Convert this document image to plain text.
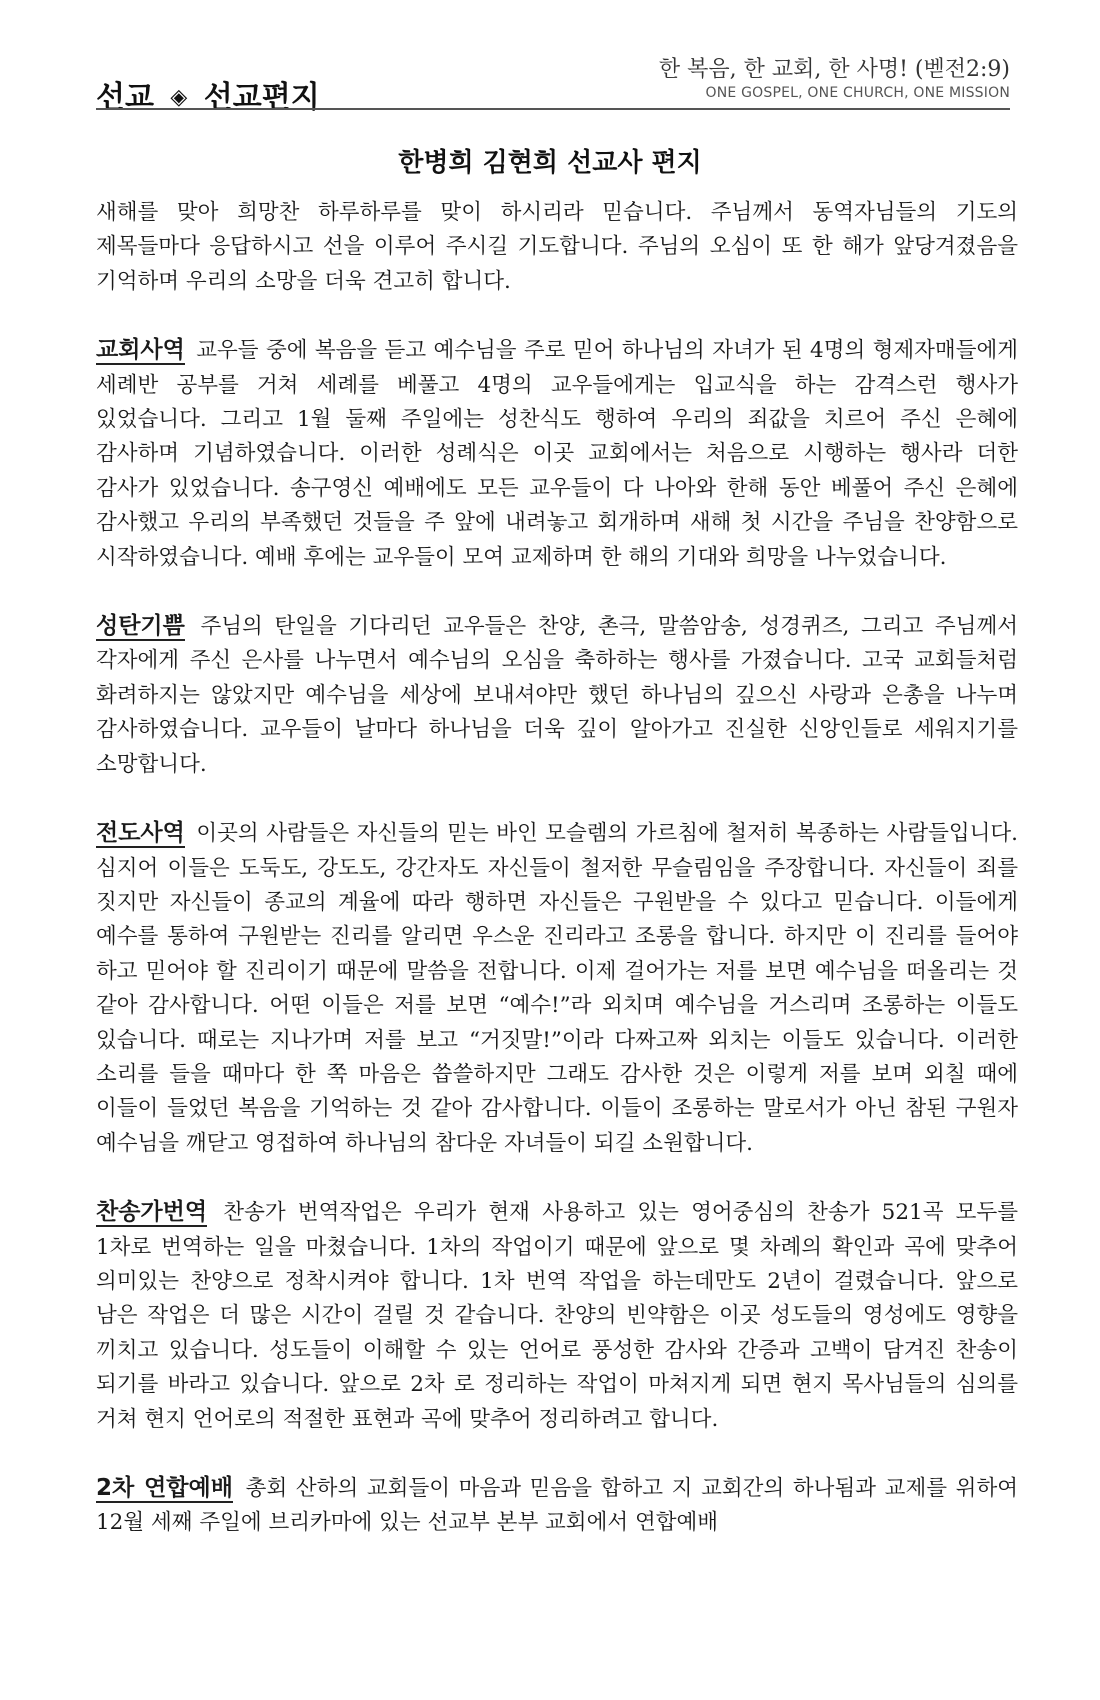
선교 ◈ 선교편지
한 복음, 한 교회, 한 사명! (벧전2:9)
ONE GOSPEL, ONE CHURCH, ONE MISSION
한병희 김현희 선교사 편지

새해를 맞아 희망찬 하루하루를 맞이 하시리라 믿습니다. 주님께서 동역자님들의 기도의 제목들마다 응답하시고 선을 이루어 주시길 기도합니다. 주님의 오심이 또 한 해가 앞당겨졌음을 기억하며 우리의 소망을 더욱 견고히 합니다.

교회사역 교우들 중에 복음을 듣고 예수님을 주로 믿어 하나님의 자녀가 된 4명의 형제자매들에게 세례반 공부를 거쳐 세례를 베풀고 4명의 교우들에게는 입교식을 하는 감격스런 행사가 있었습니다. 그리고 1월 둘째 주일에는 성찬식도 행하여 우리의 죄값을 치르어 주신 은혜에 감사하며 기념하였습니다. 이러한 성례식은 이곳 교회에서는 처음으로 시행하는 행사라 더한 감사가 있었습니다. 송구영신 예배에도 모든 교우들이 다 나아와 한해 동안 베풀어 주신 은혜에 감사했고 우리의 부족했던 것들을 주 앞에 내려놓고 회개하며 새해 첫 시간을 주님을 찬양함으로 시작하였습니다. 예배 후에는 교우들이 모여 교제하며 한 해의 기대와 희망을 나누었습니다.

성탄기쁨 주님의 탄일을 기다리던 교우들은 찬양, 촌극, 말씀암송, 성경퀴즈, 그리고 주님께서 각자에게 주신 은사를 나누면서 예수님의 오심을 축하하는 행사를 가졌습니다. 고국 교회들처럼 화려하지는 않았지만 예수님을 세상에 보내셔야만 했던 하나님의 깊으신 사랑과 은총을 나누며 감사하였습니다. 교우들이 날마다 하나님을 더욱 깊이 알아가고 진실한 신앙인들로 세워지기를 소망합니다.

전도사역 이곳의 사람들은 자신들의 믿는 바인 모슬렘의 가르침에 철저히 복종하는 사람들입니다. 심지어 이들은 도둑도, 강도도, 강간자도 자신들이 철저한 무슬림임을 주장합니다. 자신들이 죄를 짓지만 자신들이 종교의 계율에 따라 행하면 자신들은 구원받을 수 있다고 믿습니다. 이들에게 예수를 통하여 구원받는 진리를 알리면 우스운 진리라고 조롱을 합니다. 하지만 이 진리를 들어야 하고 믿어야 할 진리이기 때문에 말씀을 전합니다. 이제 걸어가는 저를 보면 예수님을 떠올리는 것 같아 감사합니다. 어떤 이들은 저를 보면 “예수!”라 외치며 예수님을 거스리며 조롱하는 이들도 있습니다. 때로는 지나가며 저를 보고 “거짓말!”이라 다짜고짜 외치는 이들도 있습니다. 이러한 소리를 들을 때마다 한 쪽 마음은 씁쓸하지만 그래도 감사한 것은 이렇게 저를 보며 외칠 때에 이들이 들었던 복음을 기억하는 것 같아 감사합니다. 이들이 조롱하는 말로서가 아닌 참된 구원자 예수님을 깨닫고 영접하여 하나님의 참다운 자녀들이 되길 소원합니다.

찬송가번역 찬송가 번역작업은 우리가 현재 사용하고 있는 영어중심의 찬송가 521곡 모두를 1차로 번역하는 일을 마쳤습니다. 1차의 작업이기 때문에 앞으로 몇 차례의 확인과 곡에 맞추어 의미있는 찬양으로 정착시켜야 합니다. 1차 번역 작업을 하는데만도 2년이 걸렸습니다. 앞으로 남은 작업은 더 많은 시간이 걸릴 것 같습니다. 찬양의 빈약함은 이곳 성도들의 영성에도 영향을 끼치고 있습니다. 성도들이 이해할 수 있는 언어로 풍성한 감사와 간증과 고백이 담겨진 찬송이 되기를 바라고 있습니다. 앞으로 2차 로 정리하는 작업이 마쳐지게 되면 현지 목사님들의 심의를 거쳐 현지 언어로의 적절한 표현과 곡에 맞추어 정리하려고 합니다.

2차 연합예배 총회 산하의 교회들이 마음과 믿음을 합하고 지 교회간의 하나됨과 교제를 위하여 12월 세째 주일에 브리카마에 있는 선교부 본부 교회에서 연합예배
